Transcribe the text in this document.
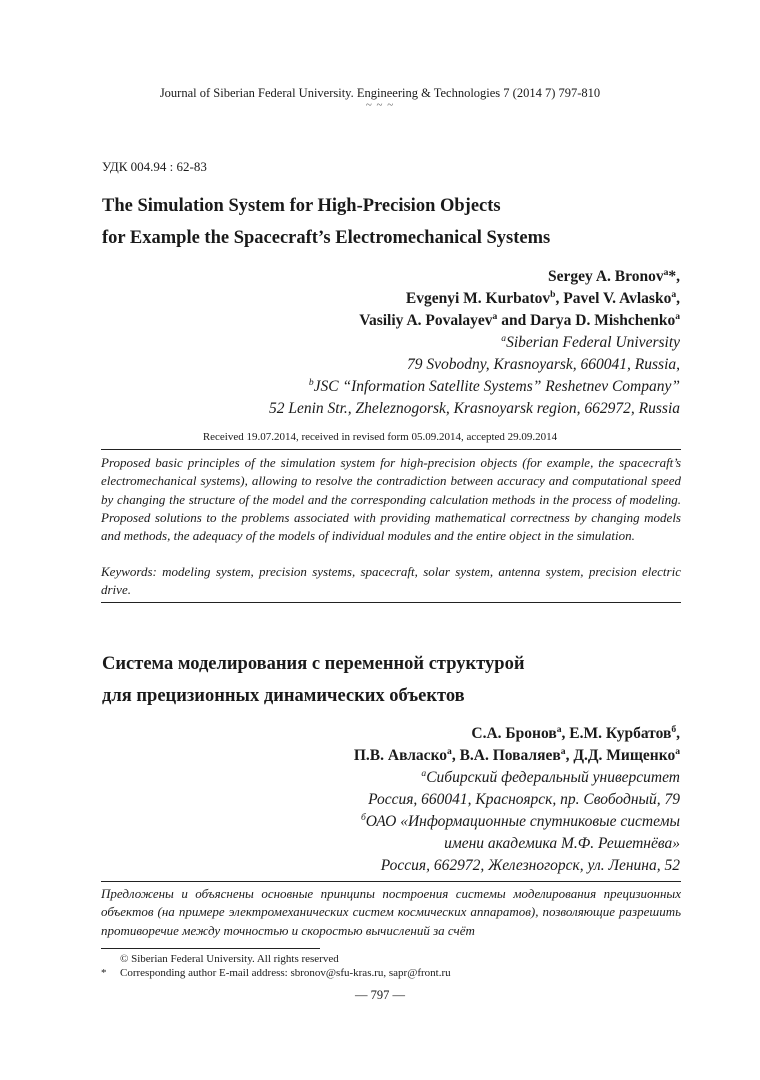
Journal of Siberian Federal University. Engineering & Technologies 7 (2014 7) 797-810
~ ~ ~
УДК 004.94 : 62-83
The Simulation System for High-Precision Objects
for Example the Spacecraft’s Electromechanical Systems
Sergey A. Bronov$^a$*,
Evgenyi M. Kurbatov$^b$, Pavel V. Avlasko$^a$,
Vasiliy A. Povalayev$^a$ and Darya D. Mishchenko$^a$
$^a$Siberian Federal University
79 Svobodny, Krasnoyarsk, 660041, Russia,
$^b$JSC “Information Satellite Systems” Reshetnev Company”
52 Lenin Str., Zheleznogorsk, Krasnoyarsk region, 662972, Russia
Received 19.07.2014, received in revised form 05.09.2014, accepted 29.09.2014
Proposed basic principles of the simulation system for high-precision objects (for example, the spacecraft’s electromechanical systems), allowing to resolve the contradiction between accuracy and computational speed by changing the structure of the model and the corresponding calculation methods in the process of modeling. Proposed solutions to the problems associated with providing mathematical correctness by changing models and methods, the adequacy of the models of individual modules and the entire object in the simulation.
Keywords: modeling system, precision systems, spacecraft, solar system, antenna system, precision electric drive.
Система моделирования с переменной структурой
для прецизионных динамических объектов
С.А. Бронов$^а$, Е.М. Курбатов$^б$,
П.В. Авласко$^а$, В.А. Поваляев$^а$, Д.Д. Мищенко$^а$
$^а$Сибирский федеральный университет
Россия, 660041, Красноярск, пр. Свободный, 79
$^б$ОАО «Информационные спутниковые системы
имени академика М.Ф. Решетнёва»
Россия, 662972, Железногорск, ул. Ленина, 52
Предложены и объяснены основные принципы построения системы моделирования прецизионных объектов (на примере электромеханических систем космических аппаратов), позволяющие разрешить противоречие между точностью и скоростью вычислений за счёт
© Siberian Federal University. All rights reserved
* Corresponding author E-mail address: sbronov@sfu-kras.ru, sapr@front.ru
— 797 —
